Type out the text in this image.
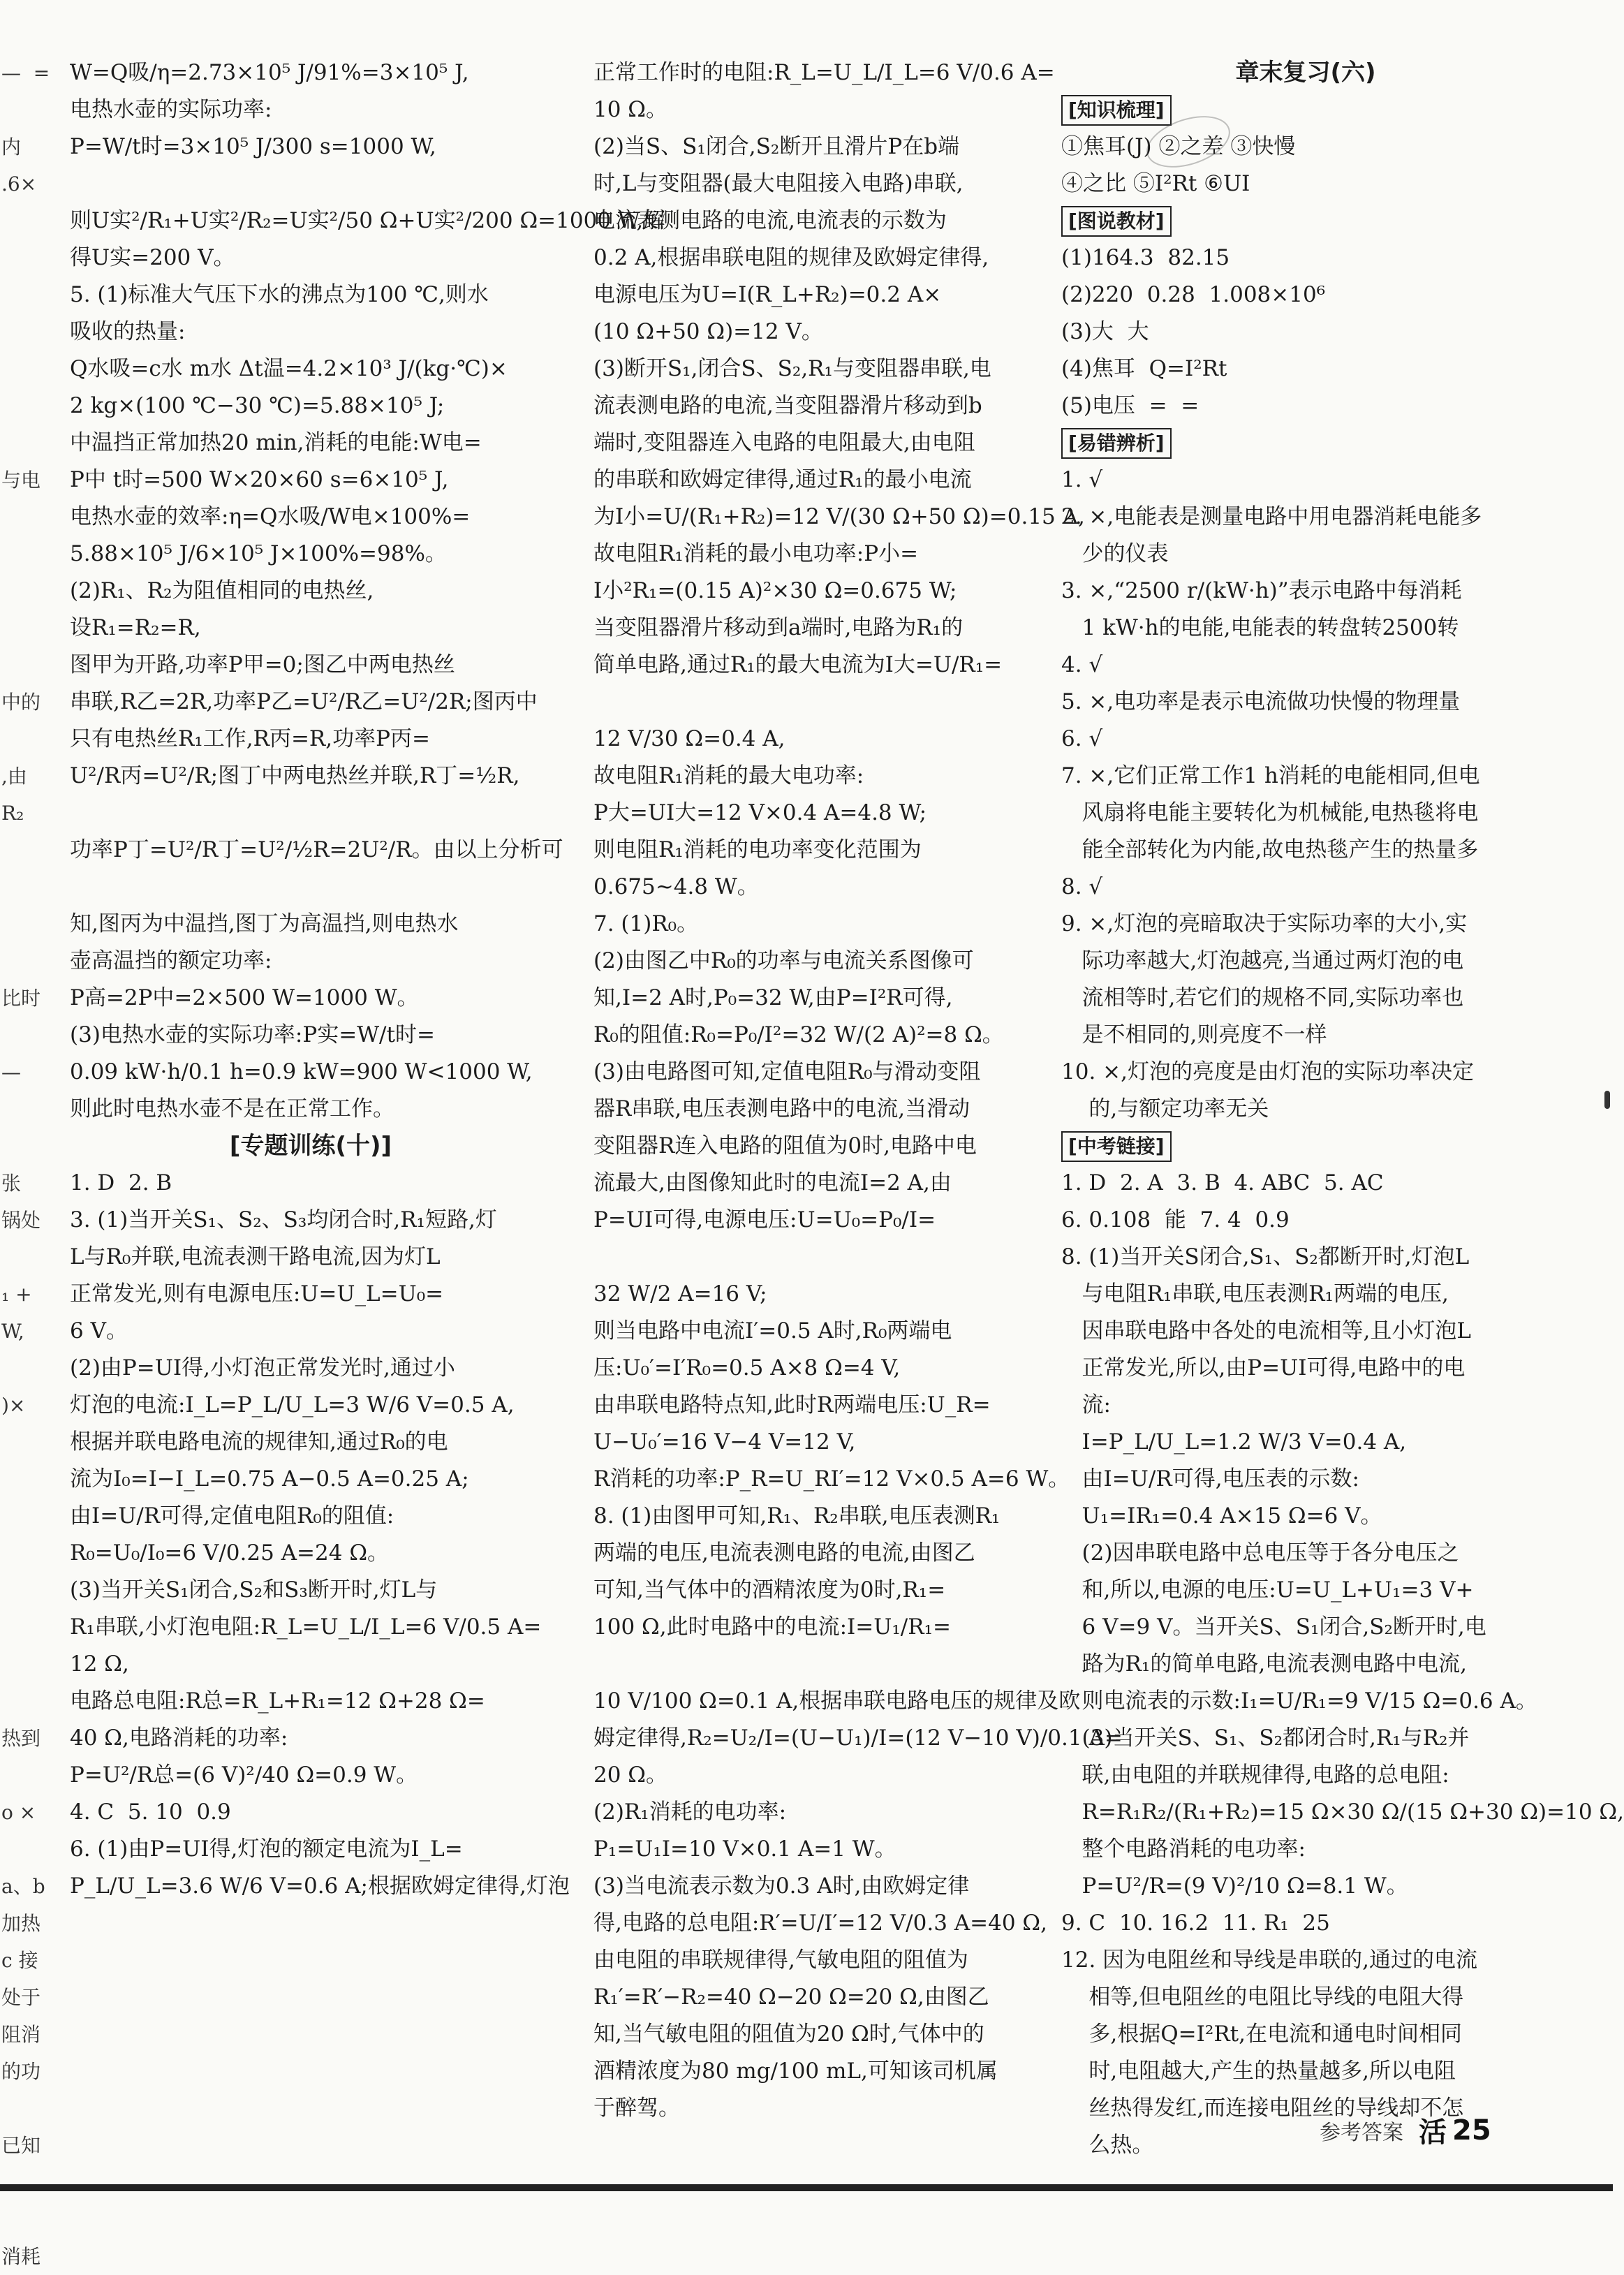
—  =
内
.6×
与电
中的
,由
R₂
比时
—
张
锅处
₁ +
W,
)×
热到
o ×
a、b
加热
c 接
处于
阻消
的功
已知
消耗
W=Q吸/η=2.73×10⁵ J/91%=3×10⁵ J,
电热水壶的实际功率:
P=W/t时=3×10⁵ J/300 s=1000 W,
则U实²/R₁+U实²/R₂=U实²/50 Ω+U实²/200 Ω=1000 W,解
得U实=200 V。
5. (1)标准大气压下水的沸点为100 ℃,则水
吸收的热量:
Q水吸=c水 m水 Δt温=4.2×10³ J/(kg·℃)×
2 kg×(100 ℃−30 ℃)=5.88×10⁵ J;
中温挡正常加热20 min,消耗的电能:W电=
P中 t时=500 W×20×60 s=6×10⁵ J,
电热水壶的效率:η=Q水吸/W电×100%=
5.88×10⁵ J/6×10⁵ J×100%=98%。
(2)R₁、R₂为阻值相同的电热丝,
设R₁=R₂=R,
图甲为开路,功率P甲=0;图乙中两电热丝
串联,R乙=2R,功率P乙=U²/R乙=U²/2R;图丙中
只有电热丝R₁工作,R丙=R,功率P丙=
U²/R丙=U²/R;图丁中两电热丝并联,R丁=½R,
功率P丁=U²/R丁=U²/½R=2U²/R。由以上分析可
知,图丙为中温挡,图丁为高温挡,则电热水
壶高温挡的额定功率:
P高=2P中=2×500 W=1000 W。
(3)电热水壶的实际功率:P实=W/t时=
0.09 kW·h/0.1 h=0.9 kW=900 W<1000 W,
则此时电热水壶不是在正常工作。
[专题训练(十)]
1. D  2. B
3. (1)当开关S₁、S₂、S₃均闭合时,R₁短路,灯
L与R₀并联,电流表测干路电流,因为灯L
正常发光,则有电源电压:U=U_L=U₀=
6 V。
(2)由P=UI得,小灯泡正常发光时,通过小
灯泡的电流:I_L=P_L/U_L=3 W/6 V=0.5 A,
根据并联电路电流的规律知,通过R₀的电
流为I₀=I−I_L=0.75 A−0.5 A=0.25 A;
由I=U/R可得,定值电阻R₀的阻值:
R₀=U₀/I₀=6 V/0.25 A=24 Ω。
(3)当开关S₁闭合,S₂和S₃断开时,灯L与
R₁串联,小灯泡电阻:R_L=U_L/I_L=6 V/0.5 A=
12 Ω,
电路总电阻:R总=R_L+R₁=12 Ω+28 Ω=
40 Ω,电路消耗的功率:
P=U²/R总=(6 V)²/40 Ω=0.9 W。
4. C  5. 10  0.9
6. (1)由P=UI得,灯泡的额定电流为I_L=
P_L/U_L=3.6 W/6 V=0.6 A;根据欧姆定律得,灯泡
正常工作时的电阻:R_L=U_L/I_L=6 V/0.6 A=
10 Ω。
(2)当S、S₁闭合,S₂断开且滑片P在b端
时,L与变阻器(最大电阻接入电路)串联,
电流表测电路的电流,电流表的示数为
0.2 A,根据串联电阻的规律及欧姆定律得,
电源电压为U=I(R_L+R₂)=0.2 A×
(10 Ω+50 Ω)=12 V。
(3)断开S₁,闭合S、S₂,R₁与变阻器串联,电
流表测电路的电流,当变阻器滑片移动到b
端时,变阻器连入电路的电阻最大,由电阻
的串联和欧姆定律得,通过R₁的最小电流
为I小=U/(R₁+R₂)=12 V/(30 Ω+50 Ω)=0.15 A,
故电阻R₁消耗的最小电功率:P小=
I小²R₁=(0.15 A)²×30 Ω=0.675 W;
当变阻器滑片移动到a端时,电路为R₁的
简单电路,通过R₁的最大电流为I大=U/R₁=
12 V/30 Ω=0.4 A,
故电阻R₁消耗的最大电功率:
P大=UI大=12 V×0.4 A=4.8 W;
则电阻R₁消耗的电功率变化范围为
0.675~4.8 W。
7. (1)R₀。
(2)由图乙中R₀的功率与电流关系图像可
知,I=2 A时,P₀=32 W,由P=I²R可得,
R₀的阻值:R₀=P₀/I²=32 W/(2 A)²=8 Ω。
(3)由电路图可知,定值电阻R₀与滑动变阻
器R串联,电压表测电路中的电流,当滑动
变阻器R连入电路的阻值为0时,电路中电
流最大,由图像知此时的电流I=2 A,由
P=UI可得,电源电压:U=U₀=P₀/I=
32 W/2 A=16 V;
则当电路中电流I′=0.5 A时,R₀两端电
压:U₀′=I′R₀=0.5 A×8 Ω=4 V,
由串联电路特点知,此时R两端电压:U_R=
U−U₀′=16 V−4 V=12 V,
R消耗的功率:P_R=U_RI′=12 V×0.5 A=6 W。
8. (1)由图甲可知,R₁、R₂串联,电压表测R₁
两端的电压,电流表测电路的电流,由图乙
可知,当气体中的酒精浓度为0时,R₁=
100 Ω,此时电路中的电流:I=U₁/R₁=
10 V/100 Ω=0.1 A,根据串联电路电压的规律及欧
姆定律得,R₂=U₂/I=(U−U₁)/I=(12 V−10 V)/0.1 A=
20 Ω。
(2)R₁消耗的电功率:
P₁=U₁I=10 V×0.1 A=1 W。
(3)当电流表示数为0.3 A时,由欧姆定律
得,电路的总电阻:R′=U/I′=12 V/0.3 A=40 Ω,
由电阻的串联规律得,气敏电阻的阻值为
R₁′=R′−R₂=40 Ω−20 Ω=20 Ω,由图乙
知,当气敏电阻的阻值为20 Ω时,气体中的
酒精浓度为80 mg/100 mL,可知该司机属
于醉驾。
章末复习(六)
[知识梳理]
①焦耳(J) ②之差 ③快慢
④之比 ⑤I²Rt ⑥UI
[图说教材]
(1)164.3  82.15
(2)220  0.28  1.008×10⁶
(3)大  大
(4)焦耳  Q=I²Rt
(5)电压  =  =
[易错辨析]
1. √
2. ×,电能表是测量电路中用电器消耗电能多
少的仪表
3. ×,“2500 r/(kW·h)”表示电路中每消耗
1 kW·h的电能,电能表的转盘转2500转
4. √
5. ×,电功率是表示电流做功快慢的物理量
6. √
7. ×,它们正常工作1 h消耗的电能相同,但电
风扇将电能主要转化为机械能,电热毯将电
能全部转化为内能,故电热毯产生的热量多
8. √
9. ×,灯泡的亮暗取决于实际功率的大小,实
际功率越大,灯泡越亮,当通过两灯泡的电
流相等时,若它们的规格不同,实际功率也
是不相同的,则亮度不一样
10. ×,灯泡的亮度是由灯泡的实际功率决定
的,与额定功率无关
[中考链接]
1. D  2. A  3. B  4. ABC  5. AC
6. 0.108  能  7. 4  0.9
8. (1)当开关S闭合,S₁、S₂都断开时,灯泡L
与电阻R₁串联,电压表测R₁两端的电压,
因串联电路中各处的电流相等,且小灯泡L
正常发光,所以,由P=UI可得,电路中的电
流:
I=P_L/U_L=1.2 W/3 V=0.4 A,
由I=U/R可得,电压表的示数:
U₁=IR₁=0.4 A×15 Ω=6 V。
(2)因串联电路中总电压等于各分电压之
和,所以,电源的电压:U=U_L+U₁=3 V+
6 V=9 V。当开关S、S₁闭合,S₂断开时,电
路为R₁的简单电路,电流表测电路中电流,
则电流表的示数:I₁=U/R₁=9 V/15 Ω=0.6 A。
(3)当开关S、S₁、S₂都闭合时,R₁与R₂并
联,由电阻的并联规律得,电路的总电阻:
R=R₁R₂/(R₁+R₂)=15 Ω×30 Ω/(15 Ω+30 Ω)=10 Ω,
整个电路消耗的电功率:
P=U²/R=(9 V)²/10 Ω=8.1 W。
9. C  10. 16.2  11. R₁  25
12. 因为电阻丝和导线是串联的,通过的电流
相等,但电阻丝的电阻比导线的电阻大得
多,根据Q=I²Rt,在电流和通电时间相同
时,电阻越大,产生的热量越多,所以电阻
丝热得发红,而连接电阻丝的导线却不怎
么热。	参考答案 活 25
